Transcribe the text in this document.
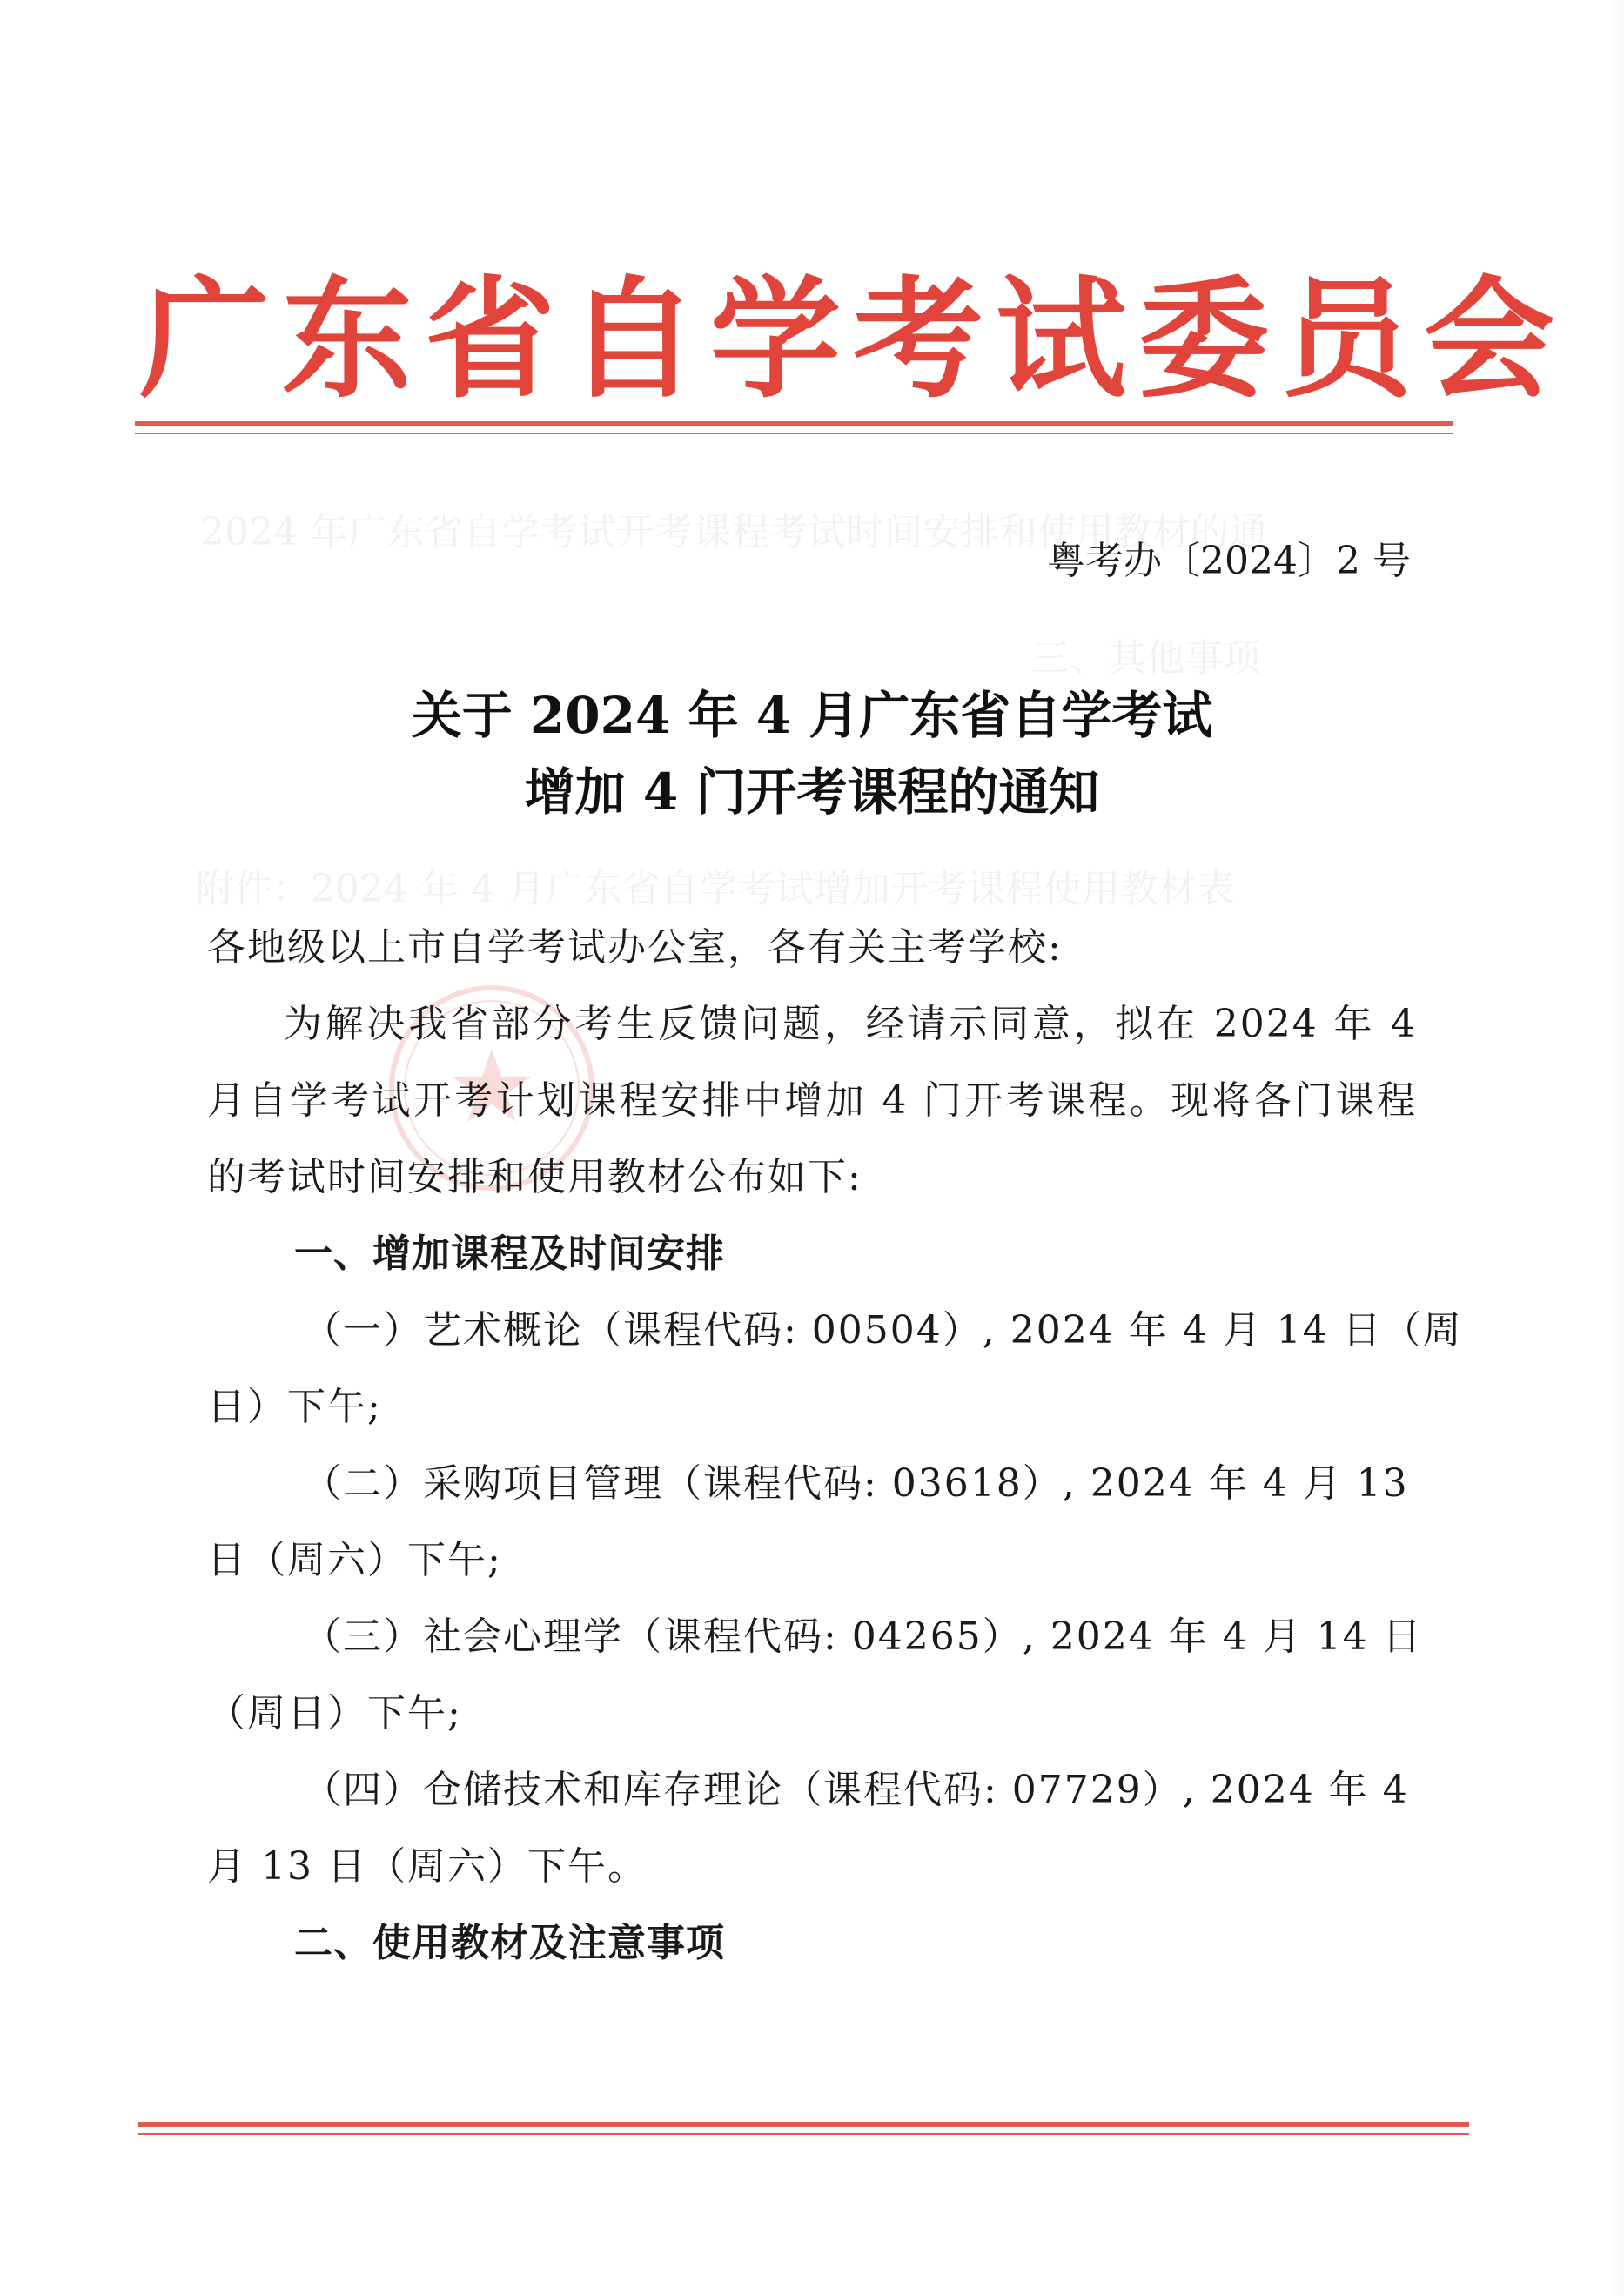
2024 年广东省自学考试开考课程考试时间安排和使用教材的通
三、其他事项
附件：2024 年 4 月广东省自学考试增加开考课程使用教材表
广东省自学考试委员会
粤考办〔2024〕2 号
关于 2024 年 4 月广东省自学考试
增加 4 门开考课程的通知

各地级以上市自学考试办公室，各有关主考学校:

为解决我省部分考生反馈问题，经请示同意，拟在 2024 年 4 月自学考试开考计划课程安排中增加 4 门开考课程。现将各门课程的考试时间安排和使用教材公布如下:

一、增加课程及时间安排

（一）艺术概论（课程代码: 00504）, 2024 年 4 月 14 日（周

日）下午;

（二）采购项目管理（课程代码: 03618）, 2024 年 4 月 13

日（周六）下午;

（三）社会心理学（课程代码: 04265）, 2024 年 4 月 14 日

（周日）下午;

（四）仓储技术和库存理论（课程代码: 07729）, 2024 年 4

月 13 日（周六）下午。

二、使用教材及注意事项
